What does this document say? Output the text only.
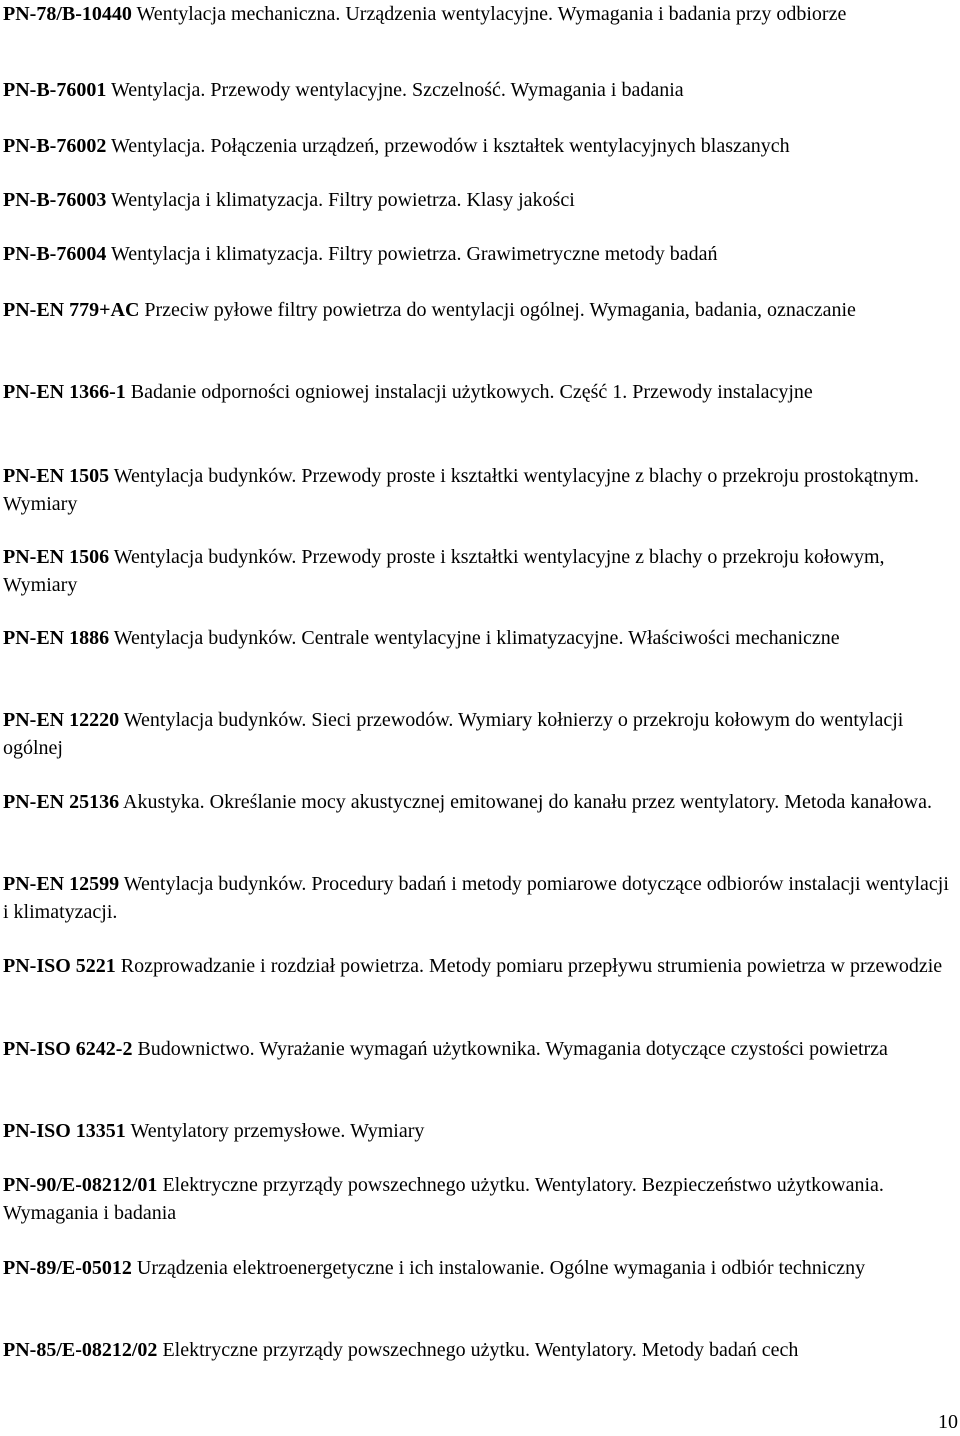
PN-78/B-10440 Wentylacja mechaniczna. Urządzenia wentylacyjne. Wymagania i badania przy odbiorze

PN-B-76001 Wentylacja. Przewody wentylacyjne. Szczelność. Wymagania i badania

PN-B-76002 Wentylacja. Połączenia urządzeń, przewodów i kształtek wentylacyjnych blaszanych

PN-B-76003 Wentylacja i klimatyzacja. Filtry powietrza. Klasy jakości

PN-B-76004 Wentylacja i klimatyzacja. Filtry powietrza. Grawimetryczne metody badań

PN-EN 779+AC Przeciw pyłowe filtry powietrza do wentylacji ogólnej. Wymagania, badania, oznaczanie

PN-EN 1366-1 Badanie odporności ogniowej instalacji użytkowych. Część 1. Przewody instalacyjne

PN-EN 1505 Wentylacja budynków. Przewody proste i kształtki wentylacyjne z blachy o przekroju prostokątnym. Wymiary

PN-EN 1506 Wentylacja budynków. Przewody proste i kształtki wentylacyjne z blachy o przekroju kołowym, Wymiary

PN-EN 1886 Wentylacja budynków. Centrale wentylacyjne i klimatyzacyjne. Właściwości mechaniczne

PN-EN 12220 Wentylacja budynków. Sieci przewodów. Wymiary kołnierzy o przekroju kołowym do wentylacji ogólnej

PN-EN 25136 Akustyka. Określanie mocy akustycznej emitowanej do kanału przez wentylatory. Metoda kanałowa.

PN-EN 12599 Wentylacja budynków. Procedury badań i metody pomiarowe dotyczące odbiorów instalacji wentylacji i klimatyzacji.

PN-ISO 5221 Rozprowadzanie i rozdział powietrza. Metody pomiaru przepływu strumienia powietrza w przewodzie

PN-ISO 6242-2 Budownictwo. Wyrażanie wymagań użytkownika. Wymagania dotyczące czystości powietrza

PN-ISO 13351 Wentylatory przemysłowe. Wymiary

PN-90/E-08212/01 Elektryczne przyrządy powszechnego użytku. Wentylatory. Bezpieczeństwo użytkowania. Wymagania i badania

PN-89/E-05012 Urządzenia elektroenergetyczne i ich instalowanie. Ogólne wymagania i odbiór techniczny

PN-85/E-08212/02 Elektryczne przyrządy powszechnego użytku. Wentylatory. Metody badań cech

10
